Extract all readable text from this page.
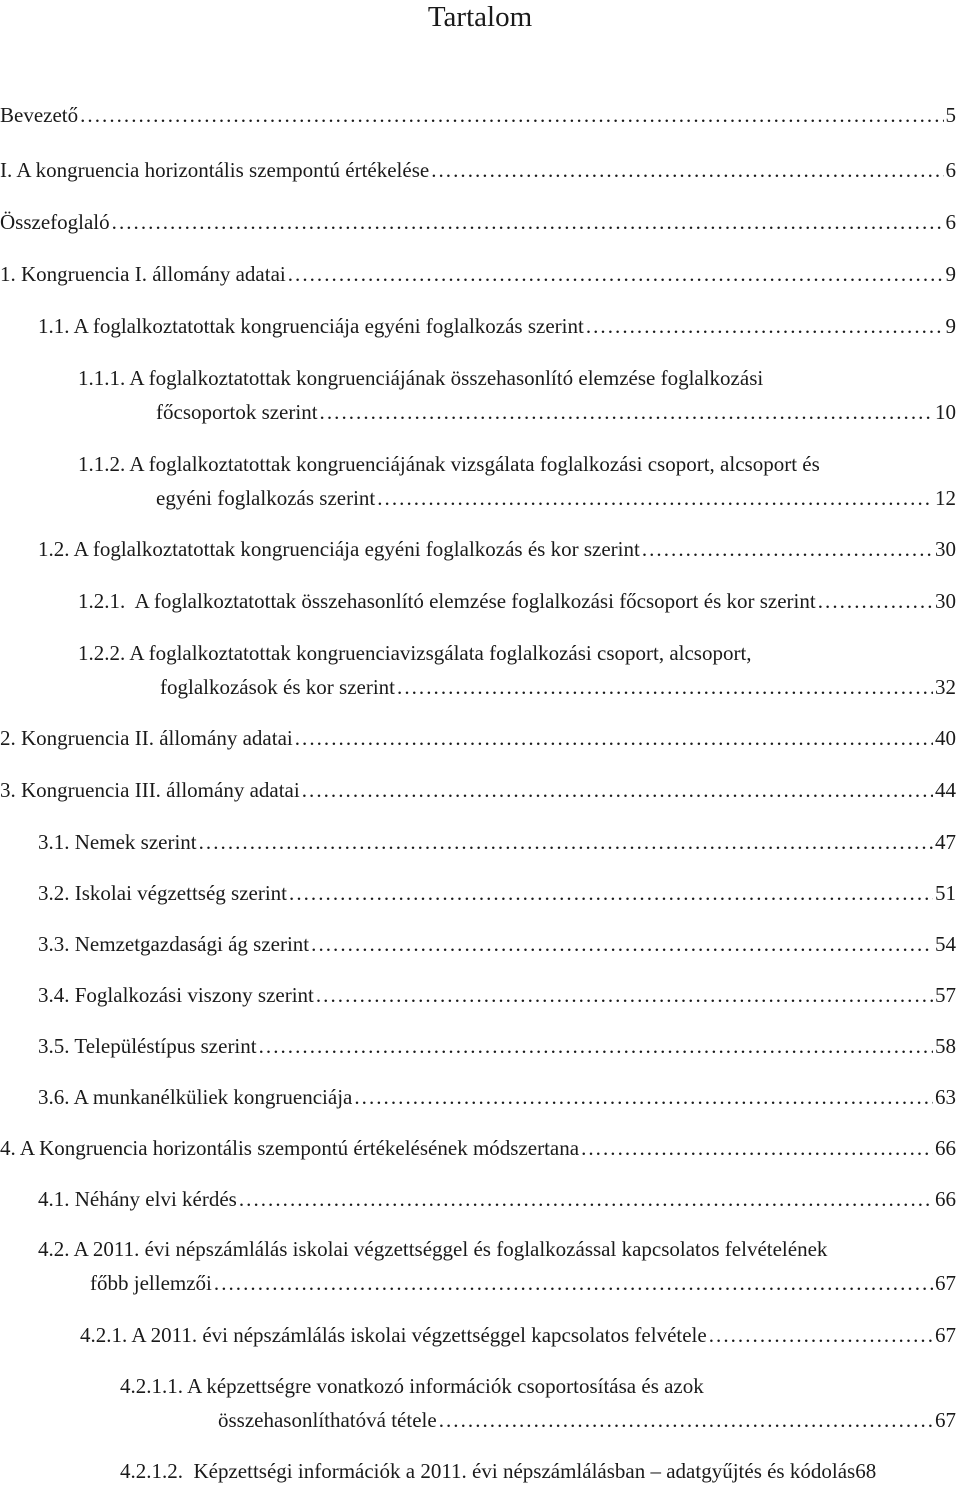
Tartalom
Bevezető . . .	5
I. A kongruencia horizontális szempontú értékelése . . .	6
Összefoglaló . . .	6
1. Kongruencia I. állomány adatai . . .	9
1.1. A foglalkoztatottak kongruenciája egyéni foglalkozás szerint . . .	9
1.1.1. A foglalkoztatottak kongruenciájának összehasonlító elemzése foglalkozási
főcsoportok szerint . . .	10
1.1.2. A foglalkoztatottak kongruenciájának vizsgálata foglalkozási csoport, alcsoport és
egyéni foglalkozás szerint . . .	12
1.2. A foglalkoztatottak kongruenciája egyéni foglalkozás és kor szerint . . .	30
1.2.1.  A foglalkoztatottak összehasonlító elemzése foglalkozási főcsoport és kor szerint . . .	30
1.2.2. A foglalkoztatottak kongruenciavizsgálata foglalkozási csoport, alcsoport,
foglalkozások és kor szerint . . .	32
2. Kongruencia II. állomány adatai . . .	40
3. Kongruencia III. állomány adatai . . .	44
3.1. Nemek szerint . . .	47
3.2. Iskolai végzettség szerint . . .	51
3.3. Nemzetgazdasági ág szerint . . .	54
3.4. Foglalkozási viszony szerint . . .	57
3.5. Településtípus szerint . . .	58
3.6. A munkanélküliek kongruenciája . . .	63
4. A Kongruencia horizontális szempontú értékelésének módszertana . . .	66
4.1. Néhány elvi kérdés . . .	66
4.2. A 2011. évi népszámlálás iskolai végzettséggel és foglalkozással kapcsolatos felvételének
főbb jellemzői . . .	67
4.2.1. A 2011. évi népszámlálás iskolai végzettséggel kapcsolatos felvétele . . .	67
4.2.1.1. A képzettségre vonatkozó információk csoportosítása és azok
összehasonlíthatóvá tétele . . .	67
4.2.1.2.  Képzettségi információk a 2011. évi népszámlálásban – adatgyűjtés és kódolás 68
